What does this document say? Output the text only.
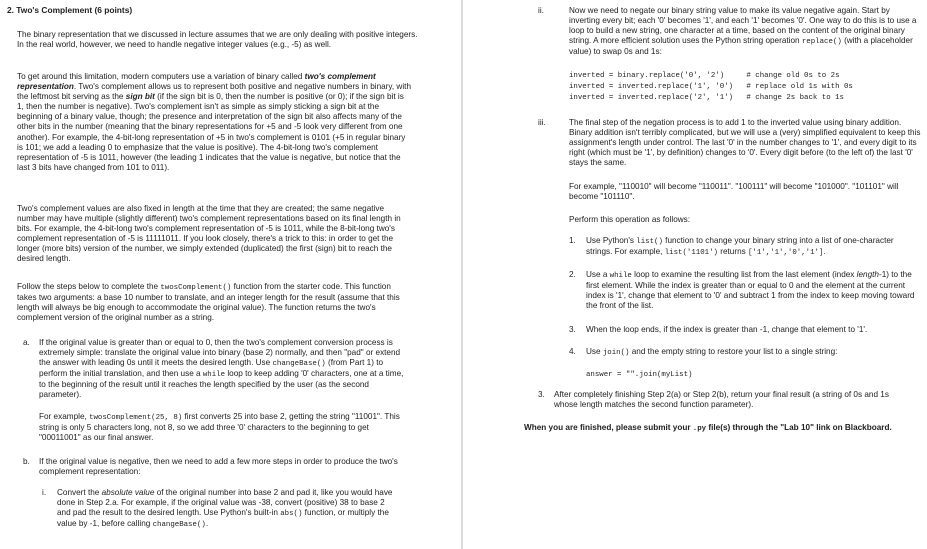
2. Two's Complement (6 points)

The binary representation that we discussed in lecture assumes that we are only dealing with positive integers. In the real world, however, we need to handle negative integer values (e.g., -5) as well.

To get around this limitation, modern computers use a variation of binary called two's complement representation. Two's complement allows us to represent both positive and negative numbers in binary, with the leftmost bit serving as the sign bit (if the sign bit is 0, then the number is positive (or 0); if the sign bit is 1, then the number is negative). Two's complement isn't as simple as simply sticking a sign bit at the beginning of a binary value, though; the presence and interpretation of the sign bit also affects many of the other bits in the number (meaning that the binary representations for +5 and -5 look very different from one another). For example, the 4-bit-long representation of +5 in two's complement is 0101 (+5 in regular binary is 101; we add a leading 0 to emphasize that the value is positive). The 4-bit-long two's complement representation of -5 is 1011, however (the leading 1 indicates that the value is negative, but notice that the last 3 bits have changed from 101 to 011).

Two's complement values are also fixed in length at the time that they are created; the same negative number may have multiple (slightly different) two's complement representations based on its final length in bits. For example, the 4-bit-long two's complement representation of -5 is 1011, while the 8-bit-long two's complement representation of -5 is 11111011. If you look closely, there's a trick to this: in order to get the longer (more bits) version of the number, we simply extended (duplicated) the first (sign) bit to reach the desired length.

Follow the steps below to complete the twosComplement() function from the starter code. This function takes two arguments: a base 10 number to translate, and an integer length for the result (assume that this length will always be big enough to accommodate the original value). The function returns the two's complement version of the original number as a string.

a. If the original value is greater than or equal to 0, then the two's complement conversion process is extremely simple: translate the original value into binary (base 2) normally, and then "pad" or extend the answer with leading 0s until it meets the desired length. Use changeBase() (from Part 1) to perform the initial translation, and then use a while loop to keep adding '0' characters, one at a time, to the beginning of the result until it reaches the length specified by the user (as the second parameter).

For example, twosComplement(25, 8) first converts 25 into base 2, getting the string "11001". This string is only 5 characters long, not 8, so we add three '0' characters to the beginning to get "00011001" as our final answer.

b. If the original value is negative, then we need to add a few more steps in order to produce the two's complement representation:

i. Convert the absolute value of the original number into base 2 and pad it, like you would have done in Step 2.a. For example, if the original value was -38, convert (positive) 38 to base 2 and pad the result to the desired length. Use Python's built-in abs() function, or multiply the value by -1, before calling changeBase().

ii.	Now we need to negate our binary string value to make its value negative again. Start by inverting every bit; each '0' becomes '1', and each '1' becomes '0'. One way to do this is to use a loop to build a new string, one character at a time, based on the content of the original binary string. A more efficient solution uses the Python string operation replace() (with a placeholder value) to swap 0s and 1s:

inverted = binary.replace('0', '2')     # change old 0s to 2s
inverted = inverted.replace('1', '0')   # replace old 1s with 0s
inverted = inverted.replace('2', '1')   # change 2s back to 1s
iii.	The final step of the negation process is to add 1 to the inverted value using binary addition. Binary addition isn't terribly complicated, but we will use a (very) simplified equivalent to keep this assignment's length under control. The last '0' in the number changes to '1', and every digit to its right (which must be '1', by definition) changes to '0'. Every digit before (to the left of) the last '0' stays the same.

For example, "110010" will become "110011". "100111" will become "101000". "101101" will become "101110".

Perform this operation as follows:

1. Use Python's list() function to change your binary string into a list of one-character strings. For example, list('1101') returns ['1','1','0','1'].

2. Use a while loop to examine the resulting list from the last element (index length-1) to the first element. While the index is greater than or equal to 0 and the element at the current index is '1', change that element to '0' and subtract 1 from the index to keep moving toward the front of the list.

3. When the loop ends, if the index is greater than -1, change that element to '1'.

4. Use join() and the empty string to restore your list to a single string:

answer = "".join(myList)

3. After completely finishing Step 2(a) or Step 2(b), return your final result (a string of 0s and 1s whose length matches the second function parameter).

When you are finished, please submit your .py file(s) through the "Lab 10" link on Blackboard.
